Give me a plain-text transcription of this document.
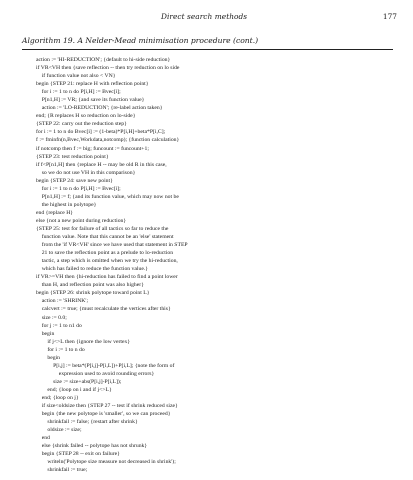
Direct search methods	177
Algorithm 19. A Nelder-Mead minimisation procedure (cont.)
action := 'HI-REDUCTION'; {default to hi-side reduction}
if VR<VH then {save reflection -- then try reduction on lo side
if function value not also < VN}
begin {STEP 21: replace H with reflection point}
for i := 1 to n do P[i,H] := Bvec[i];
P[n1,H] := VR; {and save its function value}
action := 'LO-REDUCTION'; {re-label action taken}
end; {R replaces H so reduction on lo-side}
{STEP 22: carry out the reduction step}
for i := 1 to n do Bvec[i] := (1-beta)*P[i,H]+beta*P[i,C];
f := fminfn(n,Bvec,Workdata,notcomp); {function calculation}
if notcomp then f := big; funcount := funcount+1;
{STEP 23: test reduction point}
if f<P[n1,H] then {replace H -- may be old R in this case,
so we do not use VH in this comparison}
begin {STEP 24: save new point}
for i := 1 to n do P[i,H] := Bvec[i];
P[n1,H] := f; {and its function value, which may now not be
the highest in polytope}
end {replace H}
else {not a new point during reduction}
{STEP 25: test for failure of all tactics so far to reduce the
function value. Note that this cannot be an 'else' statement
from the 'if VR<VH' since we have used that statement in STEP
21 to save the reflection point as a prelude to lo-reduction
tactic, a step which is omitted when we try the hi-reduction,
which has failed to reduce the function value.}
if VR>=VH then {hi-reduction has failed to find a point lower
than H, and reflection point was also higher}
begin {STEP 26: shrink polytope toward point L}
action := 'SHRINK';
calcvert := true; {must recalculate the vertices after this}
size := 0.0;
for j := 1 to n1 do
begin
if j<>L then {ignore the low vertex}
for i := 1 to n do
begin
P[i,j] := beta*(P[i,j]-P[i,L])+P[i,L]; {note the form of
expression used to avoid rounding errors}
size := size+abs(P[i,j]-P[i,L]);
end; {loop on i and if j<>L}
end; {loop on j}
if size<oldsize then {STEP 27 -- test if shrink reduced size}
begin {the new polytope is 'smaller', so we can proceed}
shrinkfail := false; {restart after shrink}
oldsize := size;
end
else {shrink failed -- polytope has not shrunk}
begin {STEP 28 -- exit on failure}
writeln('Polytope size measure not decreased in shrink');
shrinkfail := true;
